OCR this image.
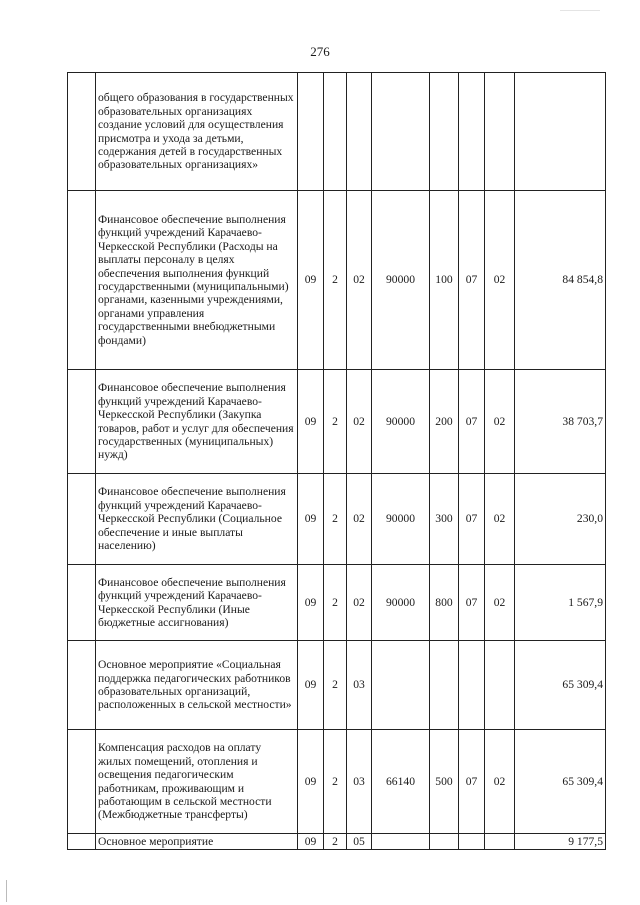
276
	общего образования в государственных образовательных организациях создание условий для осуществления присмотра и ухода за детьми, содержания детей в государственных образовательных организациях»								
	Финансовое обеспечение выполнения функций учреждений Карачаево-Черкесской Республики (Расходы на выплаты персоналу в целях обеспечения выполнения функций государственными (муниципальными) органами, казенными учреждениями, органами управления государственными внебюджетными фондами)	09	2	02	90000	100	07	02	84 854,8
	Финансовое обеспечение выполнения функций учреждений Карачаево-Черкесской Республики (Закупка товаров, работ и услуг для обеспечения государственных (муниципальных) нужд)	09	2	02	90000	200	07	02	38 703,7
	Финансовое обеспечение выполнения функций учреждений Карачаево-Черкесской Республики (Социальное обеспечение и иные выплаты населению)	09	2	02	90000	300	07	02	230,0
	Финансовое обеспечение выполнения функций учреждений Карачаево-Черкесской Республики (Иные бюджетные ассигнования)	09	2	02	90000	800	07	02	1 567,9
	Основное мероприятие «Социальная поддержка педагогических работников образовательных организаций, расположенных в сельской местности»	09	2	03					65 309,4
	Компенсация расходов на оплату жилых помещений, отопления и освещения педагогическим работникам, проживающим и работающим в сельской местности (Межбюджетные трансферты)	09	2	03	66140	500	07	02	65 309,4
	Основное мероприятие	09	2	05					9 177,5
